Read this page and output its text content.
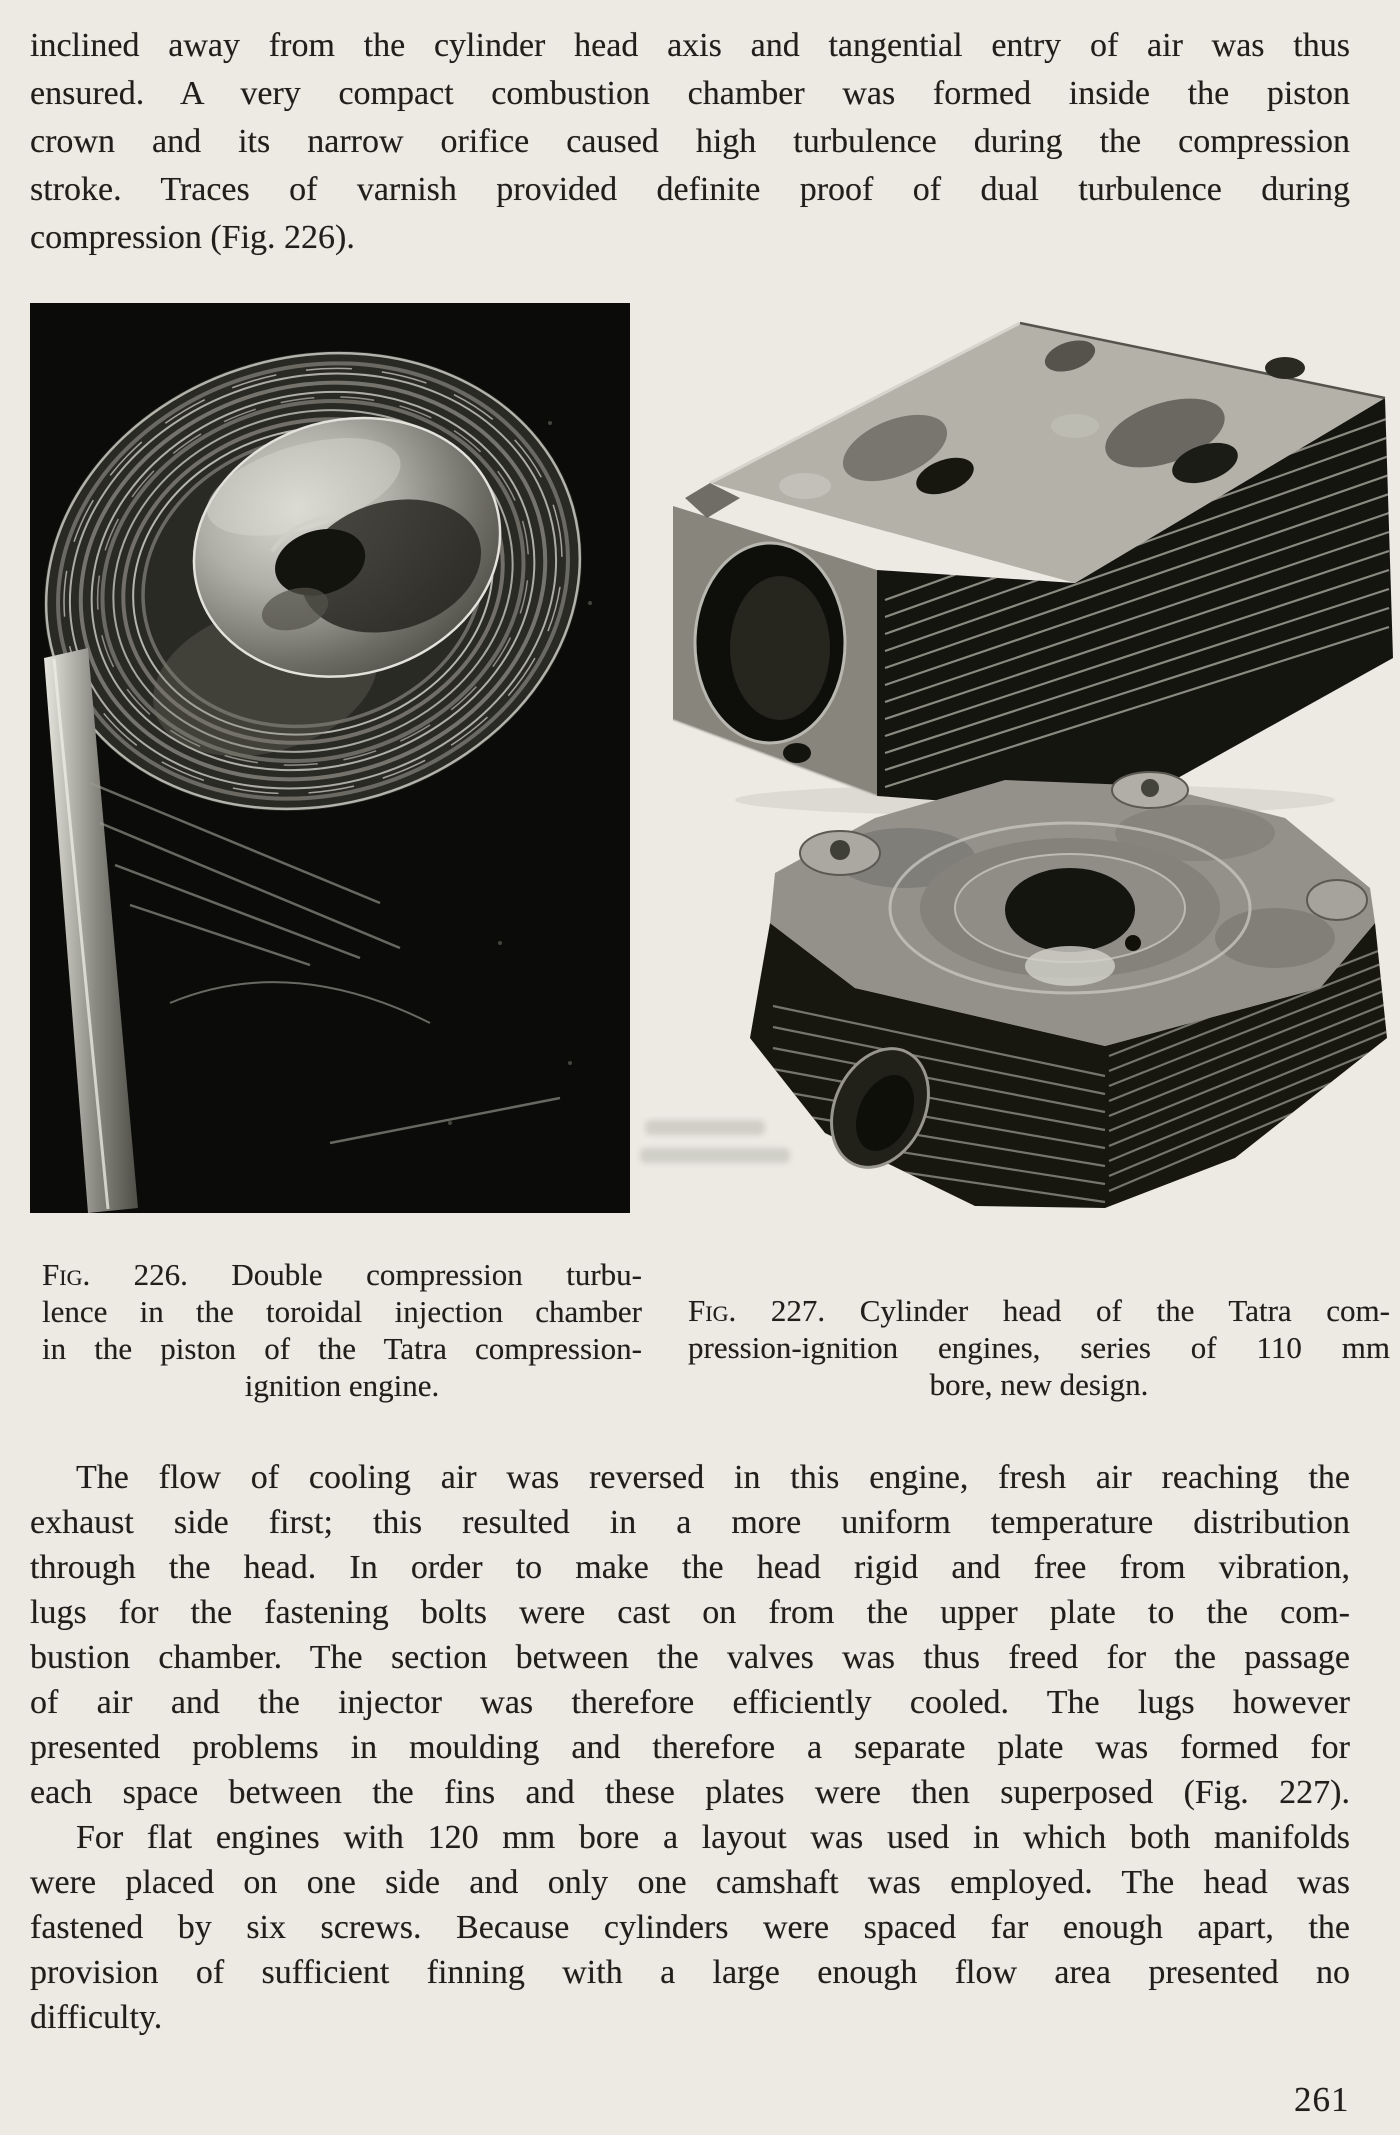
inclined away from the cylinder head axis and tangential entry of air was thus
ensured. A very compact combustion chamber was formed inside the piston
crown and its narrow orifice caused high turbulence during the compression
stroke. Traces of varnish provided definite proof of dual turbulence during
compression (Fig. 226).
Fig. 226. Double compression turbu-
lence in the toroidal injection chamber
in the piston of the Tatra compression-
ignition engine.
Fig. 227. Cylinder head of the Tatra com-
pression-ignition engines, series of 110 mm
bore, new design.
The flow of cooling air was reversed in this engine, fresh air reaching the
exhaust side first; this resulted in a more uniform temperature distribution
through the head. In order to make the head rigid and free from vibration,
lugs for the fastening bolts were cast on from the upper plate to the com-
bustion chamber. The section between the valves was thus freed for the passage
of air and the injector was therefore efficiently cooled. The lugs however
presented problems in moulding and therefore a separate plate was formed for
each space between the fins and these plates were then superposed (Fig. 227).
For flat engines with 120 mm bore a layout was used in which both manifolds
were placed on one side and only one camshaft was employed. The head was
fastened by six screws. Because cylinders were spaced far enough apart, the
provision of sufficient finning with a large enough flow area presented no
difficulty.
261
